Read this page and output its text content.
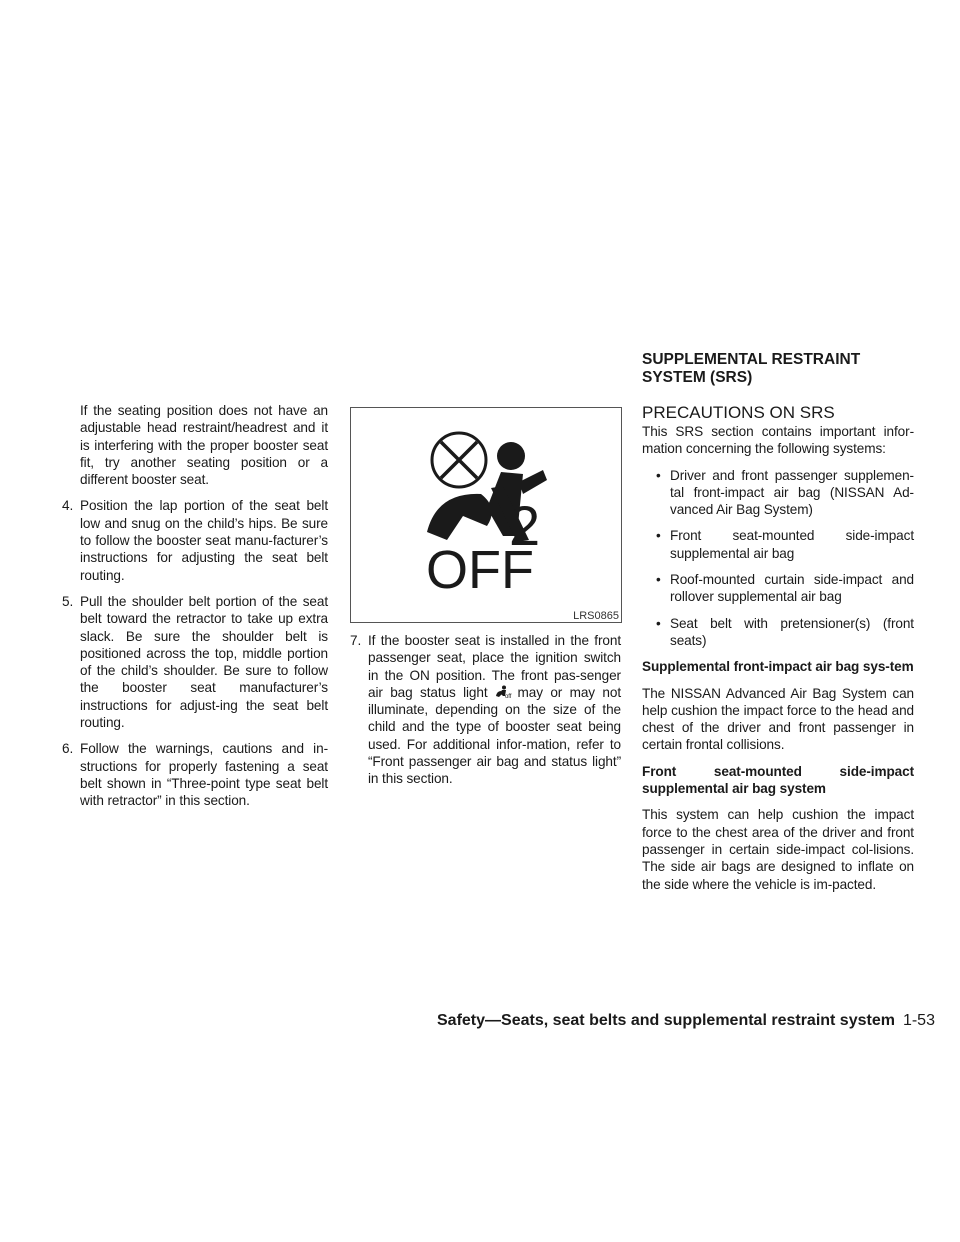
SUPPLEMENTAL RESTRAINT SYSTEM (SRS)
PRECAUTIONS ON SRS

If the seating position does not have an adjustable head restraint/headrest and it is interfering with the proper booster seat fit, try another seating position or a different booster seat.

4. Position the lap portion of the seat belt low and snug on the child’s hips. Be sure to follow the booster seat manu-facturer’s instructions for adjusting the seat belt routing.

5. Pull the shoulder belt portion of the seat belt toward the retractor to take up extra slack. Be sure the shoulder belt is positioned across the top, middle portion of the child’s shoulder. Be sure to follow the booster seat manufacturer’s instructions for adjust-ing the seat belt routing.

6. Follow the warnings, cautions and in-structions for properly fastening a seat belt shown in “Three-point type seat belt with retractor” in this section.

2
OFF
LRS0865
7. If the booster seat is installed in the front passenger seat, place the ignition switch in the ON position. The front pas-senger air bag status light	off may or may not illuminate, depending on the size of the child and the type of booster seat being used. For additional infor-mation, refer to “Front passenger air bag and status light” in this section.

This SRS section contains important infor-mation concerning the following systems:

• Driver and front passenger supplemen-tal front-impact air bag (NISSAN Ad-vanced Air Bag System)

• Front seat-mounted side-impact supplemental air bag

• Roof-mounted curtain side-impact and rollover supplemental air bag

• Seat belt with pretensioner(s) (front seats)

Supplemental front-impact air bag sys-tem

The NISSAN Advanced Air Bag System can help cushion the impact force to the head and chest of the driver and front passenger in certain frontal collisions.

Front seat-mounted side-impact supplemental air bag system

This system can help cushion the impact force to the chest area of the driver and front passenger in certain side-impact col-lisions. The side air bags are designed to inflate on the side where the vehicle is im-pacted.

Safety—Seats, seat belts and supplemental restraint system 1-53
